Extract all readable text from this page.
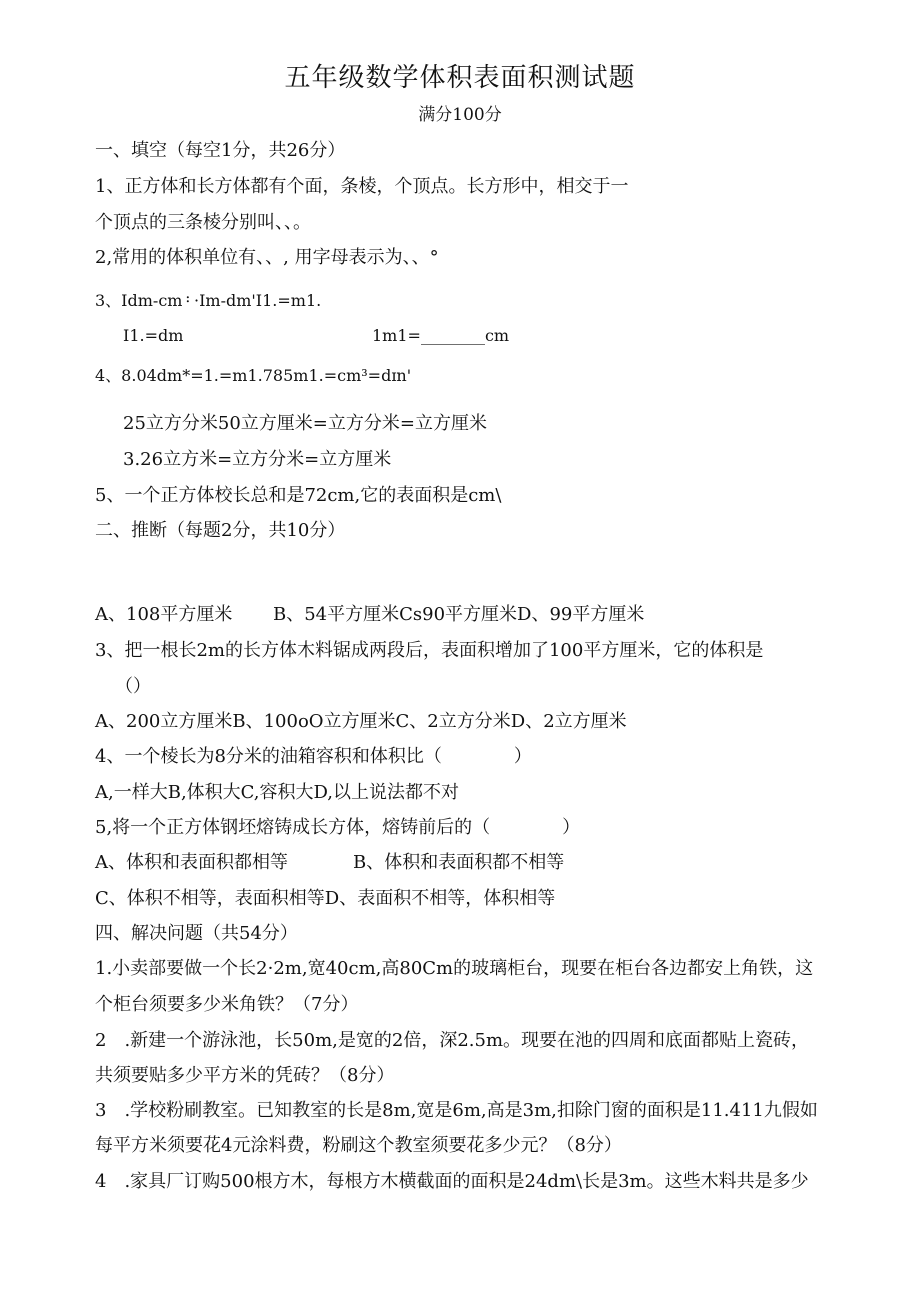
五年级数学体积表面积测试题
满分100分
一、填空（每空1分，共26分）
1、正方体和长方体都有个面，条棱，个顶点。长方形中，相交于一
个顶点的三条棱分别叫、、。
2,常用的体积单位有、、, 用字母表示为、、°
3、Idm-cm᠄ ·Im-dm'I1.=m1.
I1.=dm	1m1=________cm
4、8.04dm*=1.=m1.785m1.=cm³=dɪn'
25立方分米50立方厘米=立方分米=立方厘米
3.26立方米=立方分米=立方厘米
5、一个正方体校长总和是72cm,它的表面积是cm\
二、推断（每题2分，共10分）
A、108平方厘米 B、54平方厘米Cs90平方厘米D、99平方厘米
3、把一根长2m的长方体木料锯成两段后，表面积增加了100平方厘米，它的体积是
（）
A、200立方厘米B、100oO立方厘米C、2立方分米D、2立方厘米
4、一个棱长为8分米的油箱容积和体积比（　　　　）
A,一样大B,体积大C,容积大D,以上说法都不对
5,将一个正方体钢坯熔铸成长方体，熔铸前后的（　　　　）
A、体积和表面积都相等	B、体积和表面积都不相等
C、体积不相等，表面积相等D、表面积不相等，体积相等
四、解决问题（共54分）
1.小卖部要做一个长2·2m,宽40cm,高80Cm的玻璃柜台，现要在柜台各边都安上角铁，这
个柜台须要多少米角铁？（7分）
2　.新建一个游泳池，长50m,是宽的2倍，深2.5m。现要在池的四周和底面都贴上瓷砖，
共须要贴多少平方米的凭砖？（8分）
3　.学校粉刷教室。已知教室的长是8m,宽是6m,高是3m,扣除门窗的面积是11.411九假如
每平方米须要花4元涂料费，粉刷这个教室须要花多少元？（8分）
4　.家具厂订购500根方木，每根方木横截面的面积是24dm\长是3m。这些木料共是多少
